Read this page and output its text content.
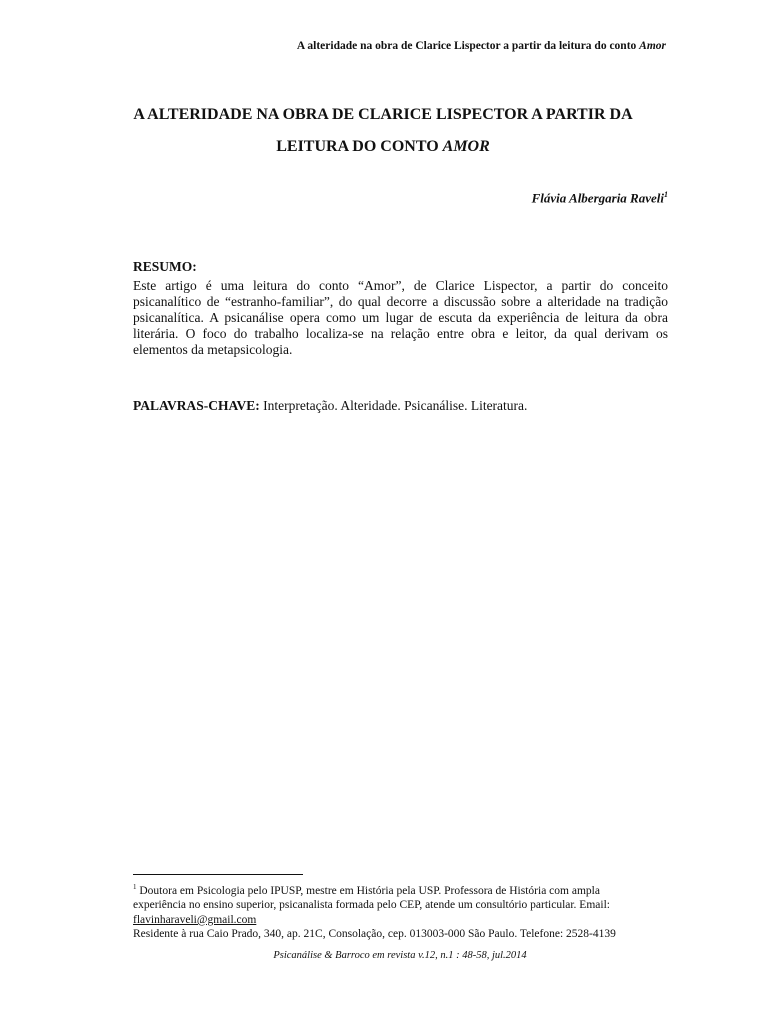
A alteridade na obra de Clarice Lispector a partir da leitura do conto Amor
A ALTERIDADE NA OBRA DE CLARICE LISPECTOR A PARTIR DA
LEITURA DO CONTO AMOR
Flávia Albergaria Raveli$^1$
RESUMO:
Este artigo é uma leitura do conto “Amor”, de Clarice Lispector, a partir do conceito
psicanalítico de “estranho-familiar”, do qual decorre a discussão sobre a alteridade na tradição
psicanalítica. A psicanálise opera como um lugar de escuta da experiência de leitura da obra
literária. O foco do trabalho localiza-se na relação entre obra e leitor, da qual derivam os
elementos da metapsicologia.
PALAVRAS-CHAVE: Interpretação. Alteridade. Psicanálise. Literatura.
$^1$ Doutora em Psicologia pelo IPUSP, mestre em História pela USP. Professora de História com ampla
experiência no ensino superior, psicanalista formada pelo CEP, atende um consultório particular. Email:
flavinharaveli@gmail.com
Residente à rua Caio Prado, 340, ap. 21C, Consolação, cep. 013003-000 São Paulo. Telefone: 2528-4139
Psicanálise & Barroco em revista v.12, n.1 : 48-58, jul.2014
